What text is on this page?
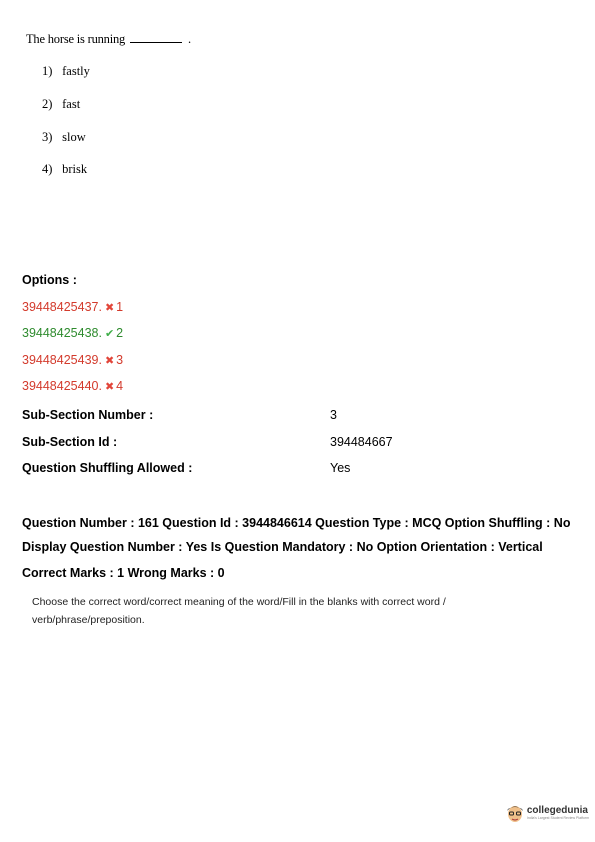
The horse is running	.
1) fastly
2) fast
3) slow
4) brisk
Options :
39448425437. ✖ 1
39448425438. ✔ 2
39448425439. ✖ 3
39448425440. ✖ 4
Sub-Section Number :	3
Sub-Section Id :	394484667
Question Shuffling Allowed :	Yes
Question Number : 161 Question Id : 3944846614 Question Type : MCQ Option Shuffling : No
Display Question Number : Yes Is Question Mandatory : No Option Orientation : Vertical
Correct Marks : 1 Wrong Marks : 0
Choose the correct word/correct meaning of the word/Fill in the blanks with correct word / verb/phrase/preposition.
collegedunia
India's Largest Student Review Platform
